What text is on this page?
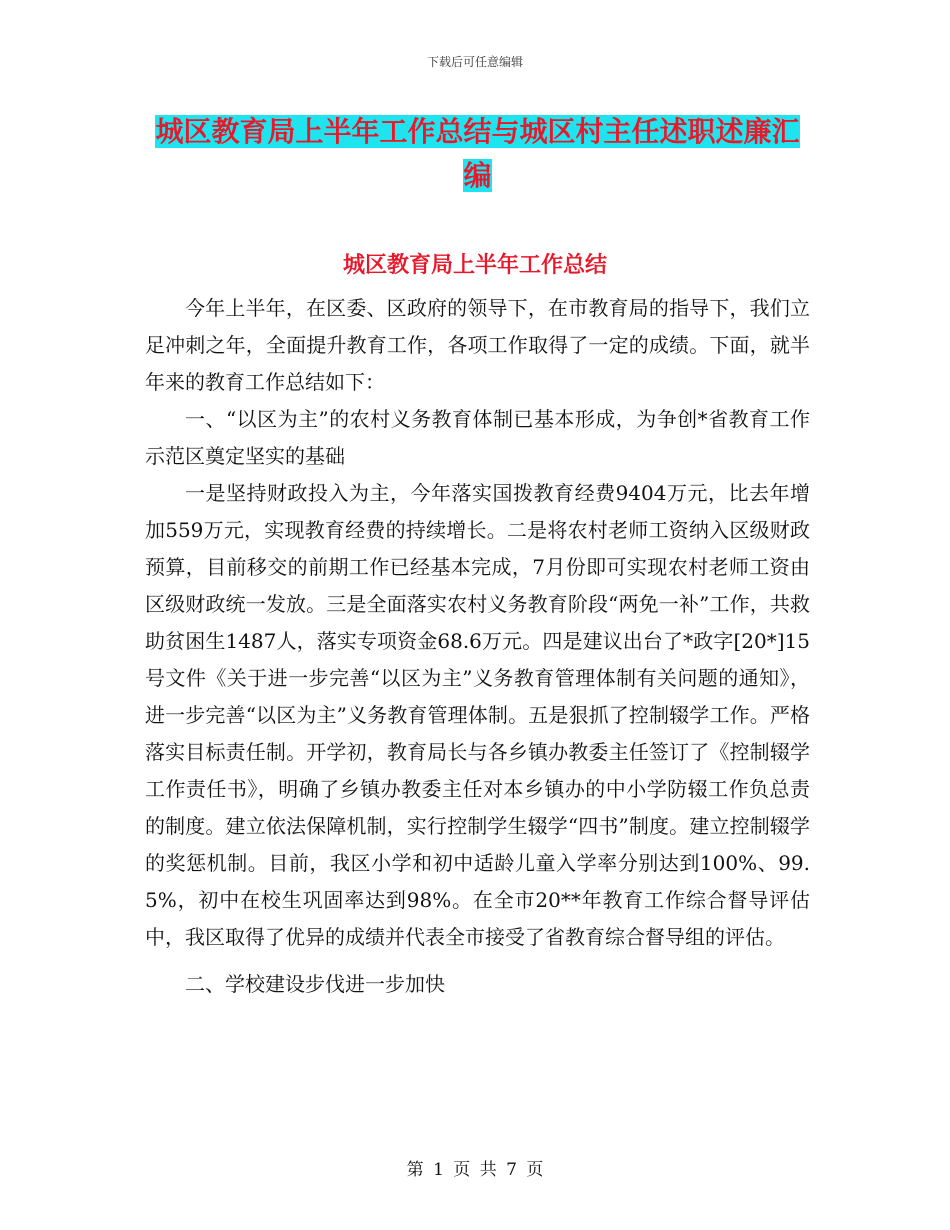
下载后可任意编辑
城区教育局上半年工作总结与城区村主任述职述廉汇编
城区教育局上半年工作总结

今年上半年，在区委、区政府的领导下，在市教育局的指导下，我们立足冲刺之年，全面提升教育工作，各项工作取得了一定的成绩。下面，就半年来的教育工作总结如下：

一、“以区为主”的农村义务教育体制已基本形成，为争创*省教育工作示范区奠定坚实的基础

一是坚持财政投入为主，今年落实国拨教育经费9404万元，比去年增加559万元，实现教育经费的持续增长。二是将农村老师工资纳入区级财政预算，目前移交的前期工作已经基本完成，7月份即可实现农村老师工资由区级财政统一发放。三是全面落实农村义务教育阶段“两免一补”工作，共救助贫困生1487人，落实专项资金68.6万元。四是建议出台了*政字[20*]15号文件《关于进一步完善“以区为主”义务教育管理体制有关问题的通知》，进一步完善“以区为主”义务教育管理体制。五是狠抓了控制辍学工作。严格落实目标责任制。开学初，教育局长与各乡镇办教委主任签订了《控制辍学工作责任书》，明确了乡镇办教委主任对本乡镇办的中小学防辍工作负总责的制度。建立依法保障机制，实行控制学生辍学“四书”制度。建立控制辍学的奖惩机制。目前，我区小学和初中适龄儿童入学率分别达到100%、99.5%，初中在校生巩固率达到98%。在全市20**年教育工作综合督导评估中，我区取得了优异的成绩并代表全市接受了省教育综合督导组的评估。

二、学校建设步伐进一步加快

第 1 页 共 7 页
